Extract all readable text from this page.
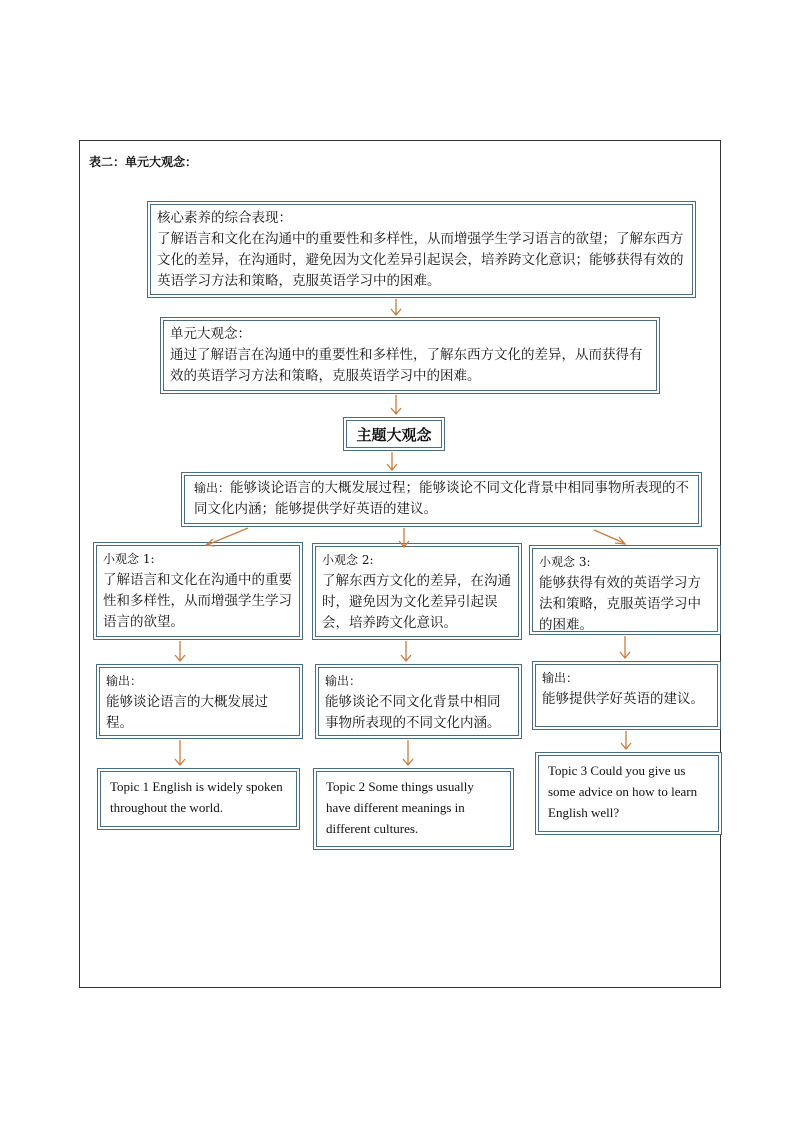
表二：单元大观念：
核心素养的综合表现：
了解语言和文化在沟通中的重要性和多样性，从而增强学生学习语言的欲望；了解东西方文化的差异，在沟通时，避免因为文化差异引起误会，培养跨文化意识；能够获得有效的英语学习方法和策略，克服英语学习中的困难。
单元大观念：
通过了解语言在沟通中的重要性和多样性，了解东西方文化的差异，从而获得有效的英语学习方法和策略，克服英语学习中的困难。
主题大观念
输出：能够谈论语言的大概发展过程；能够谈论不同文化背景中相同事物所表现的不同文化内涵；能够提供学好英语的建议。
小观念 1:
了解语言和文化在沟通中的重要性和多样性，从而增强学生学习语言的欲望。
输出：
能够谈论语言的大概发展过程。
Topic 1 English is widely spoken throughout the world.
小观念 2:
了解东西方文化的差异，在沟通时，避免因为文化差异引起误会，培养跨文化意识。
输出：
能够谈论不同文化背景中相同事物所表现的不同文化内涵。
Topic 2 Some things usually have different meanings in different cultures.
小观念 3:
能够获得有效的英语学习方法和策略，克服英语学习中的困难。
输出：
能够提供学好英语的建议。
Topic 3 Could you give us some advice on how to learn English well?
